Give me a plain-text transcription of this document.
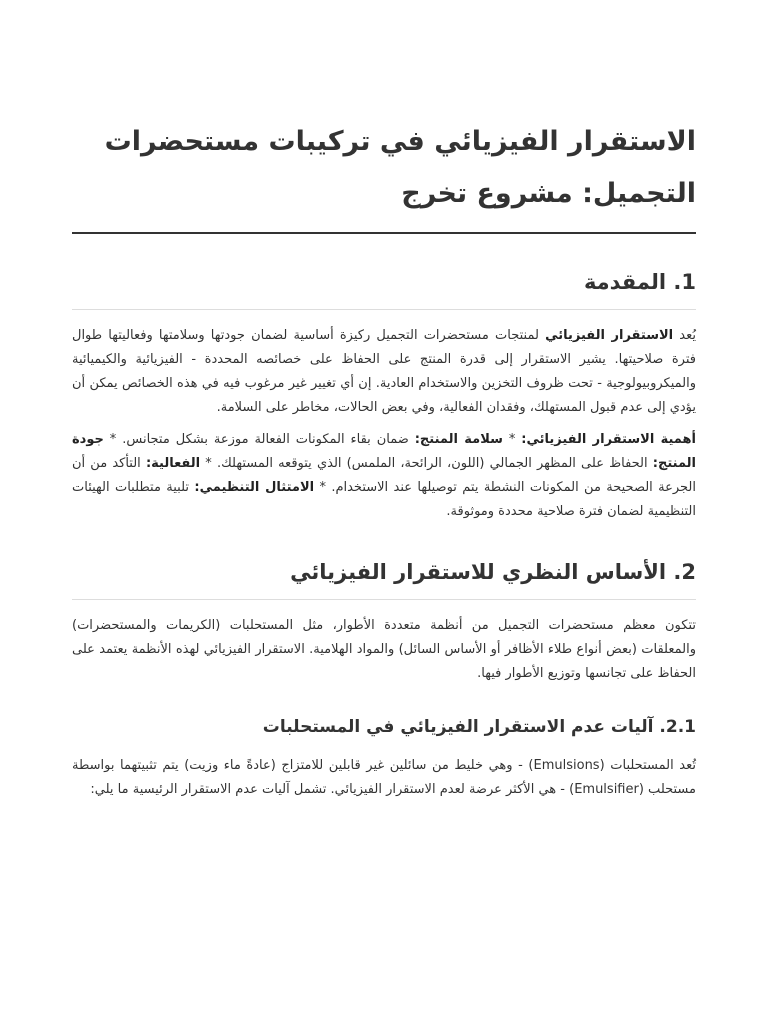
الاستقرار الفيزيائي في تركيبات مستحضرات التجميل: مشروع تخرج
1. المقدمة

يُعد الاستقرار الفيزيائي لمنتجات مستحضرات التجميل ركيزة أساسية لضمان جودتها وسلامتها وفعاليتها طوال فترة صلاحيتها. يشير الاستقرار إلى قدرة المنتج على الحفاظ على خصائصه المحددة - الفيزيائية والكيميائية والميكروبيولوجية - تحت ظروف التخزين والاستخدام العادية. إن أي تغيير غير مرغوب فيه في هذه الخصائص يمكن أن يؤدي إلى عدم قبول المستهلك، وفقدان الفعالية، وفي بعض الحالات، مخاطر على السلامة.

أهمية الاستقرار الفيزيائي: * سلامة المنتج: ضمان بقاء المكونات الفعالة موزعة بشكل متجانس. * جودة المنتج: الحفاظ على المظهر الجمالي (اللون، الرائحة، الملمس) الذي يتوقعه المستهلك. * الفعالية: التأكد من أن الجرعة الصحيحة من المكونات النشطة يتم توصيلها عند الاستخدام. * الامتثال التنظيمي: تلبية متطلبات الهيئات التنظيمية لضمان فترة صلاحية محددة وموثوقة.

2. الأساس النظري للاستقرار الفيزيائي

تتكون معظم مستحضرات التجميل من أنظمة متعددة الأطوار، مثل المستحلبات (الكريمات والمستحضرات) والمعلقات (بعض أنواع طلاء الأظافر أو الأساس السائل) والمواد الهلامية. الاستقرار الفيزيائي لهذه الأنظمة يعتمد على الحفاظ على تجانسها وتوزيع الأطوار فيها.

2.1. آليات عدم الاستقرار الفيزيائي في المستحلبات

تُعد المستحلبات (Emulsions) - وهي خليط من سائلين غير قابلين للامتزاج (عادةً ماء وزيت) يتم تثبيتهما بواسطة مستحلب (Emulsifier) - هي الأكثر عرضة لعدم الاستقرار الفيزيائي. تشمل آليات عدم الاستقرار الرئيسية ما يلي:
